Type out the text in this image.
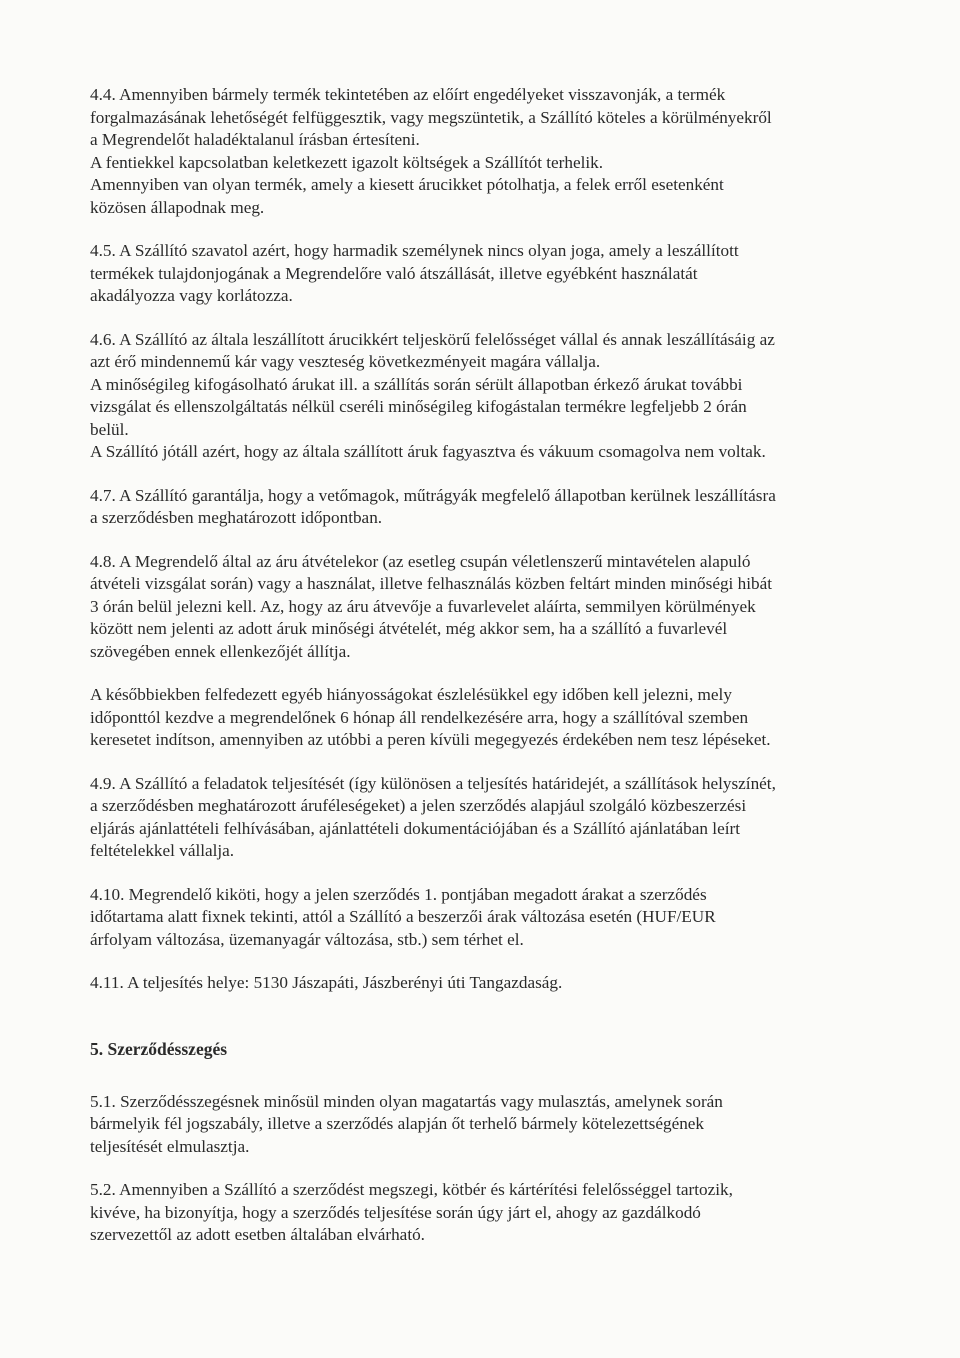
4.4. Amennyiben bármely termék tekintetében az előírt engedélyeket visszavonják, a termék
forgalmazásának lehetőségét felfüggesztik, vagy megszüntetik, a Szállító köteles a körülményekről
a Megrendelőt haladéktalanul írásban értesíteni.
A fentiekkel kapcsolatban keletkezett igazolt költségek a Szállítót terhelik.
Amennyiben van olyan termék, amely a kiesett árucikket pótolhatja, a felek erről esetenként
közösen állapodnak meg.
4.5. A Szállító szavatol azért, hogy harmadik személynek nincs olyan joga, amely a leszállított
termékek tulajdonjogának a Megrendelőre való átszállását, illetve egyébként használatát
akadályozza vagy korlátozza.
4.6. A Szállító az általa leszállított árucikkért teljeskörű felelősséget vállal és annak leszállításáig az
azt érő mindennemű kár vagy veszteség következményeit magára vállalja.
A minőségileg kifogásolható árukat ill. a szállítás során sérült állapotban érkező árukat további
vizsgálat és ellenszolgáltatás nélkül cseréli minőségileg kifogástalan termékre legfeljebb 2 órán
belül.
A Szállító jótáll azért, hogy az általa szállított áruk fagyasztva és vákuum csomagolva nem voltak.
4.7. A Szállító garantálja, hogy a vetőmagok, műtrágyák megfelelő állapotban kerülnek leszállításra
a szerződésben meghatározott időpontban.
4.8. A Megrendelő által az áru átvételekor (az esetleg csupán véletlenszerű mintavételen alapuló
átvételi vizsgálat során) vagy a használat, illetve felhasználás közben feltárt minden minőségi hibát
3 órán belül jelezni kell. Az, hogy az áru átvevője a fuvarlevelet aláírta, semmilyen körülmények
között nem jelenti az adott áruk minőségi átvételét, még akkor sem, ha a szállító a fuvarlevél
szövegében ennek ellenkezőjét állítja.
A későbbiekben felfedezett egyéb hiányosságokat észlelésükkel egy időben kell jelezni, mely
időponttól kezdve a megrendelőnek 6 hónap áll rendelkezésére arra, hogy a szállítóval szemben
keresetet indítson, amennyiben az utóbbi a peren kívüli megegyezés érdekében nem tesz lépéseket.
4.9. A Szállító a feladatok teljesítését (így különösen a teljesítés határidejét, a szállítások helyszínét,
a szerződésben meghatározott áruféleségeket) a jelen szerződés alapjául szolgáló közbeszerzési
eljárás ajánlattételi felhívásában, ajánlattételi dokumentációjában és a Szállító ajánlatában leírt
feltételekkel vállalja.
4.10. Megrendelő kiköti, hogy a jelen szerződés 1. pontjában megadott árakat a szerződés
időtartama alatt fixnek tekinti, attól a Szállító a beszerzői árak változása esetén (HUF/EUR
árfolyam változása, üzemanyagár változása, stb.) sem térhet el.
4.11. A teljesítés helye: 5130 Jászapáti, Jászberényi úti Tangazdaság.
5. Szerződésszegés
5.1. Szerződésszegésnek minősül minden olyan magatartás vagy mulasztás, amelynek során
bármelyik fél jogszabály, illetve a szerződés alapján őt terhelő bármely kötelezettségének
teljesítését elmulasztja.
5.2. Amennyiben a Szállító a szerződést megszegi, kötbér és kártérítési felelősséggel tartozik,
kivéve, ha bizonyítja, hogy a szerződés teljesítése során úgy járt el, ahogy az gazdálkodó
szervezettől az adott esetben általában elvárható.
